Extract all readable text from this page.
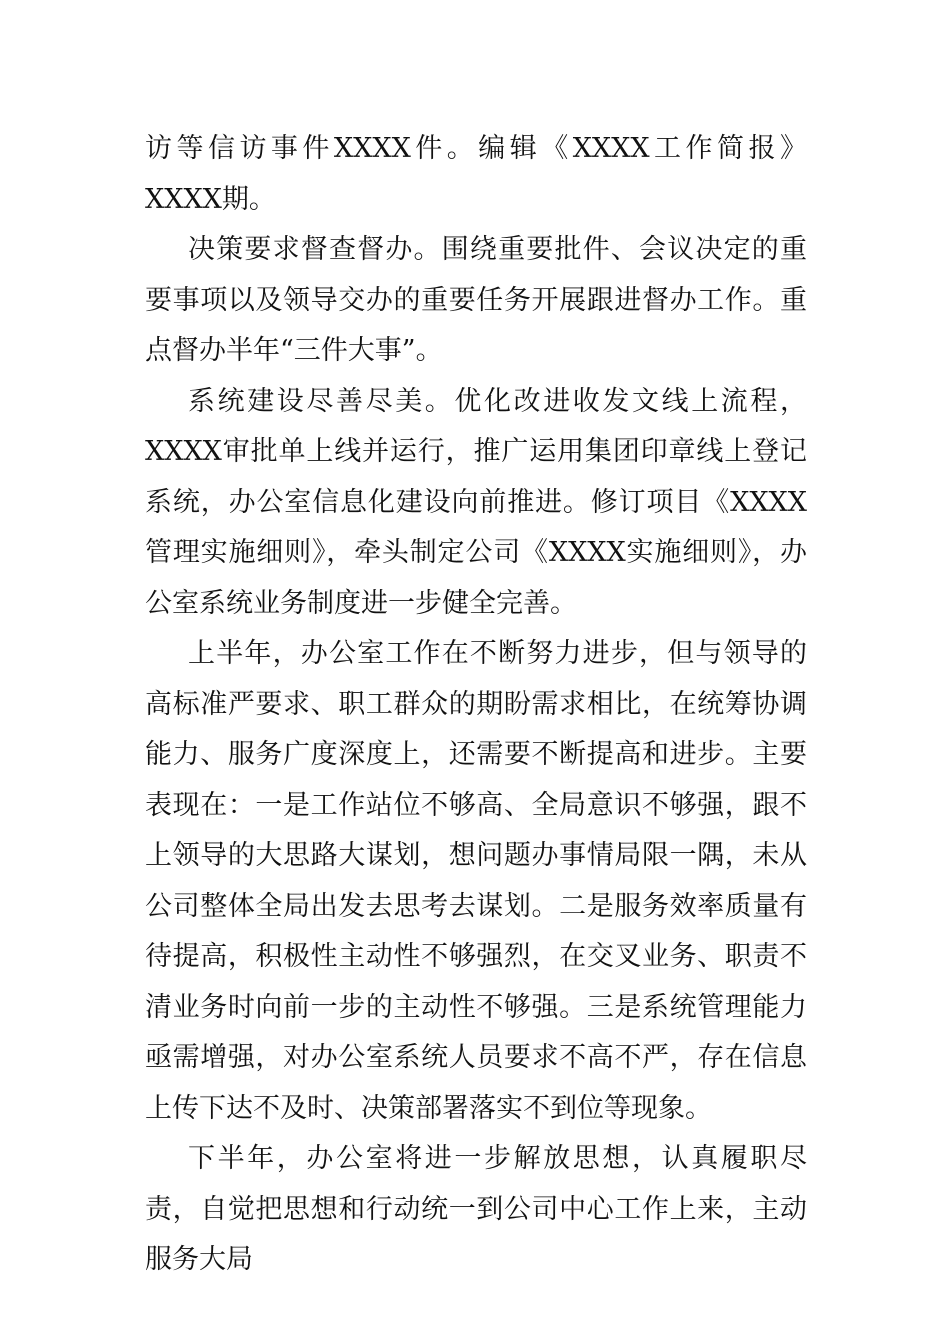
访等信访事件XXXX件。编辑《XXXX工作简报》XXXX期。

决策要求督查督办。围绕重要批件、会议决定的重要事项以及领导交办的重要任务开展跟进督办工作。重点督办半年“三件大事”。

系统建设尽善尽美。优化改进收发文线上流程，XXXX审批单上线并运行，推广运用集团印章线上登记系统，办公室信息化建设向前推进。修订项目《XXXX管理实施细则》，牵头制定公司《XXXX实施细则》，办公室系统业务制度进一步健全完善。

上半年，办公室工作在不断努力进步，但与领导的高标准严要求、职工群众的期盼需求相比，在统筹协调能力、服务广度深度上，还需要不断提高和进步。主要表现在：一是工作站位不够高、全局意识不够强，跟不上领导的大思路大谋划，想问题办事情局限一隅，未从公司整体全局出发去思考去谋划。二是服务效率质量有待提高，积极性主动性不够强烈，在交叉业务、职责不清业务时向前一步的主动性不够强。三是系统管理能力亟需增强，对办公室系统人员要求不高不严，存在信息上传下达不及时、决策部署落实不到位等现象。

下半年，办公室将进一步解放思想，认真履职尽责，自觉把思想和行动统一到公司中心工作上来，主动服务大局
